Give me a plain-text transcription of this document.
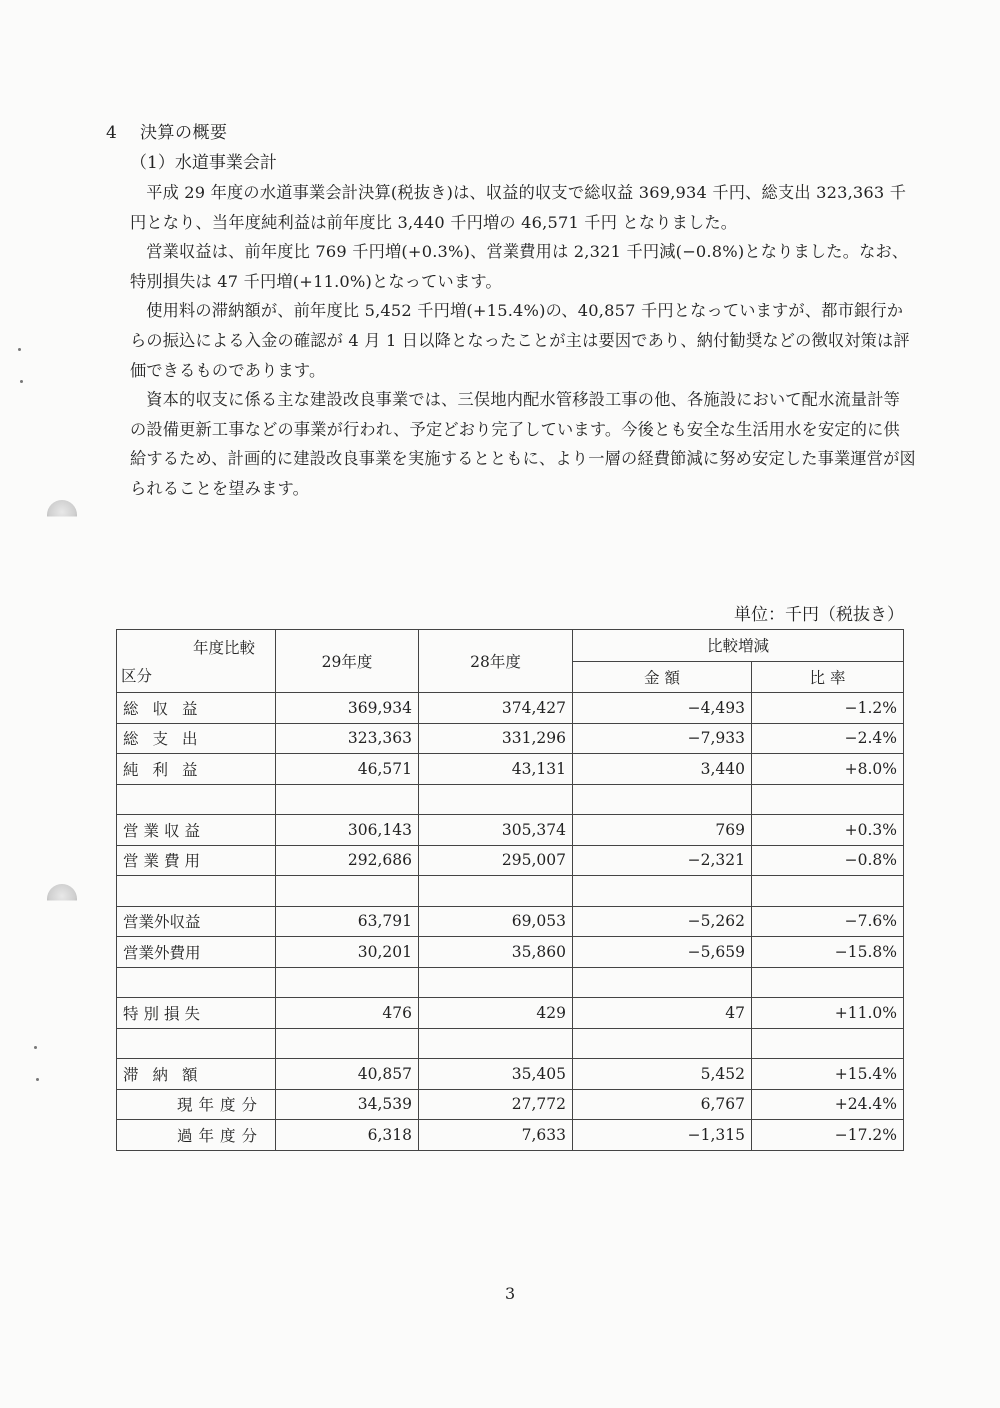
4 決算の概要
（1）水道事業会計

平成 29 年度の水道事業会計決算(税抜き)は、収益的収支で総収益 369,934 千円、総支出 323,363 千円となり、当年度純利益は前年度比 3,440 千円増の 46,571 千円 となりました。

営業収益は、前年度比 769 千円増(+0.3%)、営業費用は 2,321 千円減(−0.8%)となりました。なお、特別損失は 47 千円増(+11.0%)となっています。

使用料の滞納額が、前年度比 5,452 千円増(+15.4%)の、40,857 千円となっていますが、都市銀行からの振込による入金の確認が 4 月 1 日以降となったことが主は要因であり、納付勧奨などの徴収対策は評価できるものであります。

資本的収支に係る主な建設改良事業では、三俣地内配水管移設工事の他、各施設において配水流量計等の設備更新工事などの事業が行われ、予定どおり完了しています。今後とも安全な生活用水を安定的に供給するため、計画的に建設改良事業を実施するとともに、より一層の経費節減に努め安定した事業運営が図られることを望みます。

単位：千円（税抜き）
年度比較
区分	29年度	28年度	比較増減	
			金 額	比 率
総収益	369,934	374,427	−4,493	−1.2%
総支出	323,363	331,296	−7,933	−2.4%
純利益	46,571	43,131	3,440	+8.0%

営業収益	306,143	305,374	769	+0.3%
営業費用	292,686	295,007	−2,321	−0.8%

営業外収益	63,791	69,053	−5,262	−7.6%
営業外費用	30,201	35,860	−5,659	−15.8%

特別損失	476	429	47	+11.0%

滞納額	40,857	35,405	5,452	+15.4%
現年度分	34,539	27,772	6,767	+24.4%
過年度分	6,318	7,633	−1,315	−17.2%
3
